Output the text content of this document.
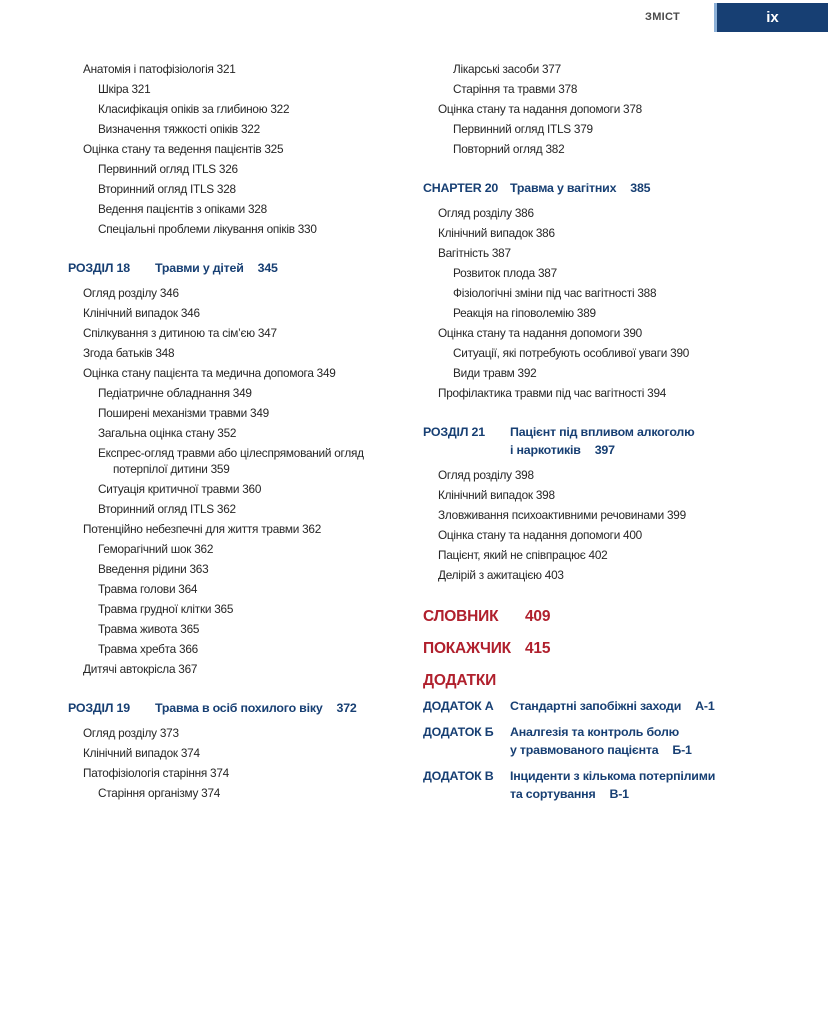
ЗМІСТ	ix
Анатомія і патофізіологія 321
Шкіра 321
Класифікація опіків за глибиною 322
Визначення тяжкості опіків 322
Оцінка стану та ведення пацієнтів 325
Первинний огляд ITLS 326
Вторинний огляд ITLS 328
Ведення пацієнтів з опіками 328
Спеціальні проблеми лікування опіків 330
РОЗДІЛ 18	Травми у дітей 345
Огляд розділу 346
Клінічний випадок 346
Спілкування з дитиною та сім’єю 347
Згода батьків 348
Оцінка стану пацієнта та медична допомога 349
Педіатричне обладнання 349
Поширені механізми травми 349
Загальна оцінка стану 352
Експрес-огляд травми або цілеспрямований огляд
потерпілої дитини 359
Ситуація критичної травми 360
Вторинний огляд ITLS 362
Потенційно небезпечні для життя травми 362
Геморагічний шок 362
Введення рідини 363
Травма голови 364
Травма грудної клітки 365
Травма живота 365
Травма хребта 366
Дитячі автокрісла 367
РОЗДІЛ 19	Травма в осіб похилого віку 372
Огляд розділу 373
Клінічний випадок 374
Патофізіологія старіння 374
Старіння організму 374
Лікарські засоби 377
Старіння та травми 378
Оцінка стану та надання допомоги 378
Первинний огляд ITLS 379
Повторний огляд 382
CHAPTER 20 Травма у вагітних 385
Огляд розділу 386
Клінічний випадок 386
Вагітність 387
Розвиток плода 387
Фізіологічні зміни під час вагітності 388
Реакція на гіповолемію 389
Оцінка стану та надання допомоги 390
Ситуації, які потребують особливої уваги 390
Види травм 392
Профілактика травми під час вагітності 394
РОЗДІЛ 21	Пацієнт під впливом алкоголю
і наркотиків 397
Огляд розділу 398
Клінічний випадок 398
Зловживання психоактивними речовинами 399
Оцінка стану та надання допомоги 400
Пацієнт, який не співпрацює 402
Делірій з ажитацією 403
СЛОВНИК	409
ПОКАЖЧИК 415
ДОДАТКИ
ДОДАТОК А	Стандартні запобіжні заходи А-1
ДОДАТОК Б	Аналгезія та контроль болю
у травмованого пацієнта Б-1
ДОДАТОК В	Інциденти з кількома потерпілими
та сортування В-1
